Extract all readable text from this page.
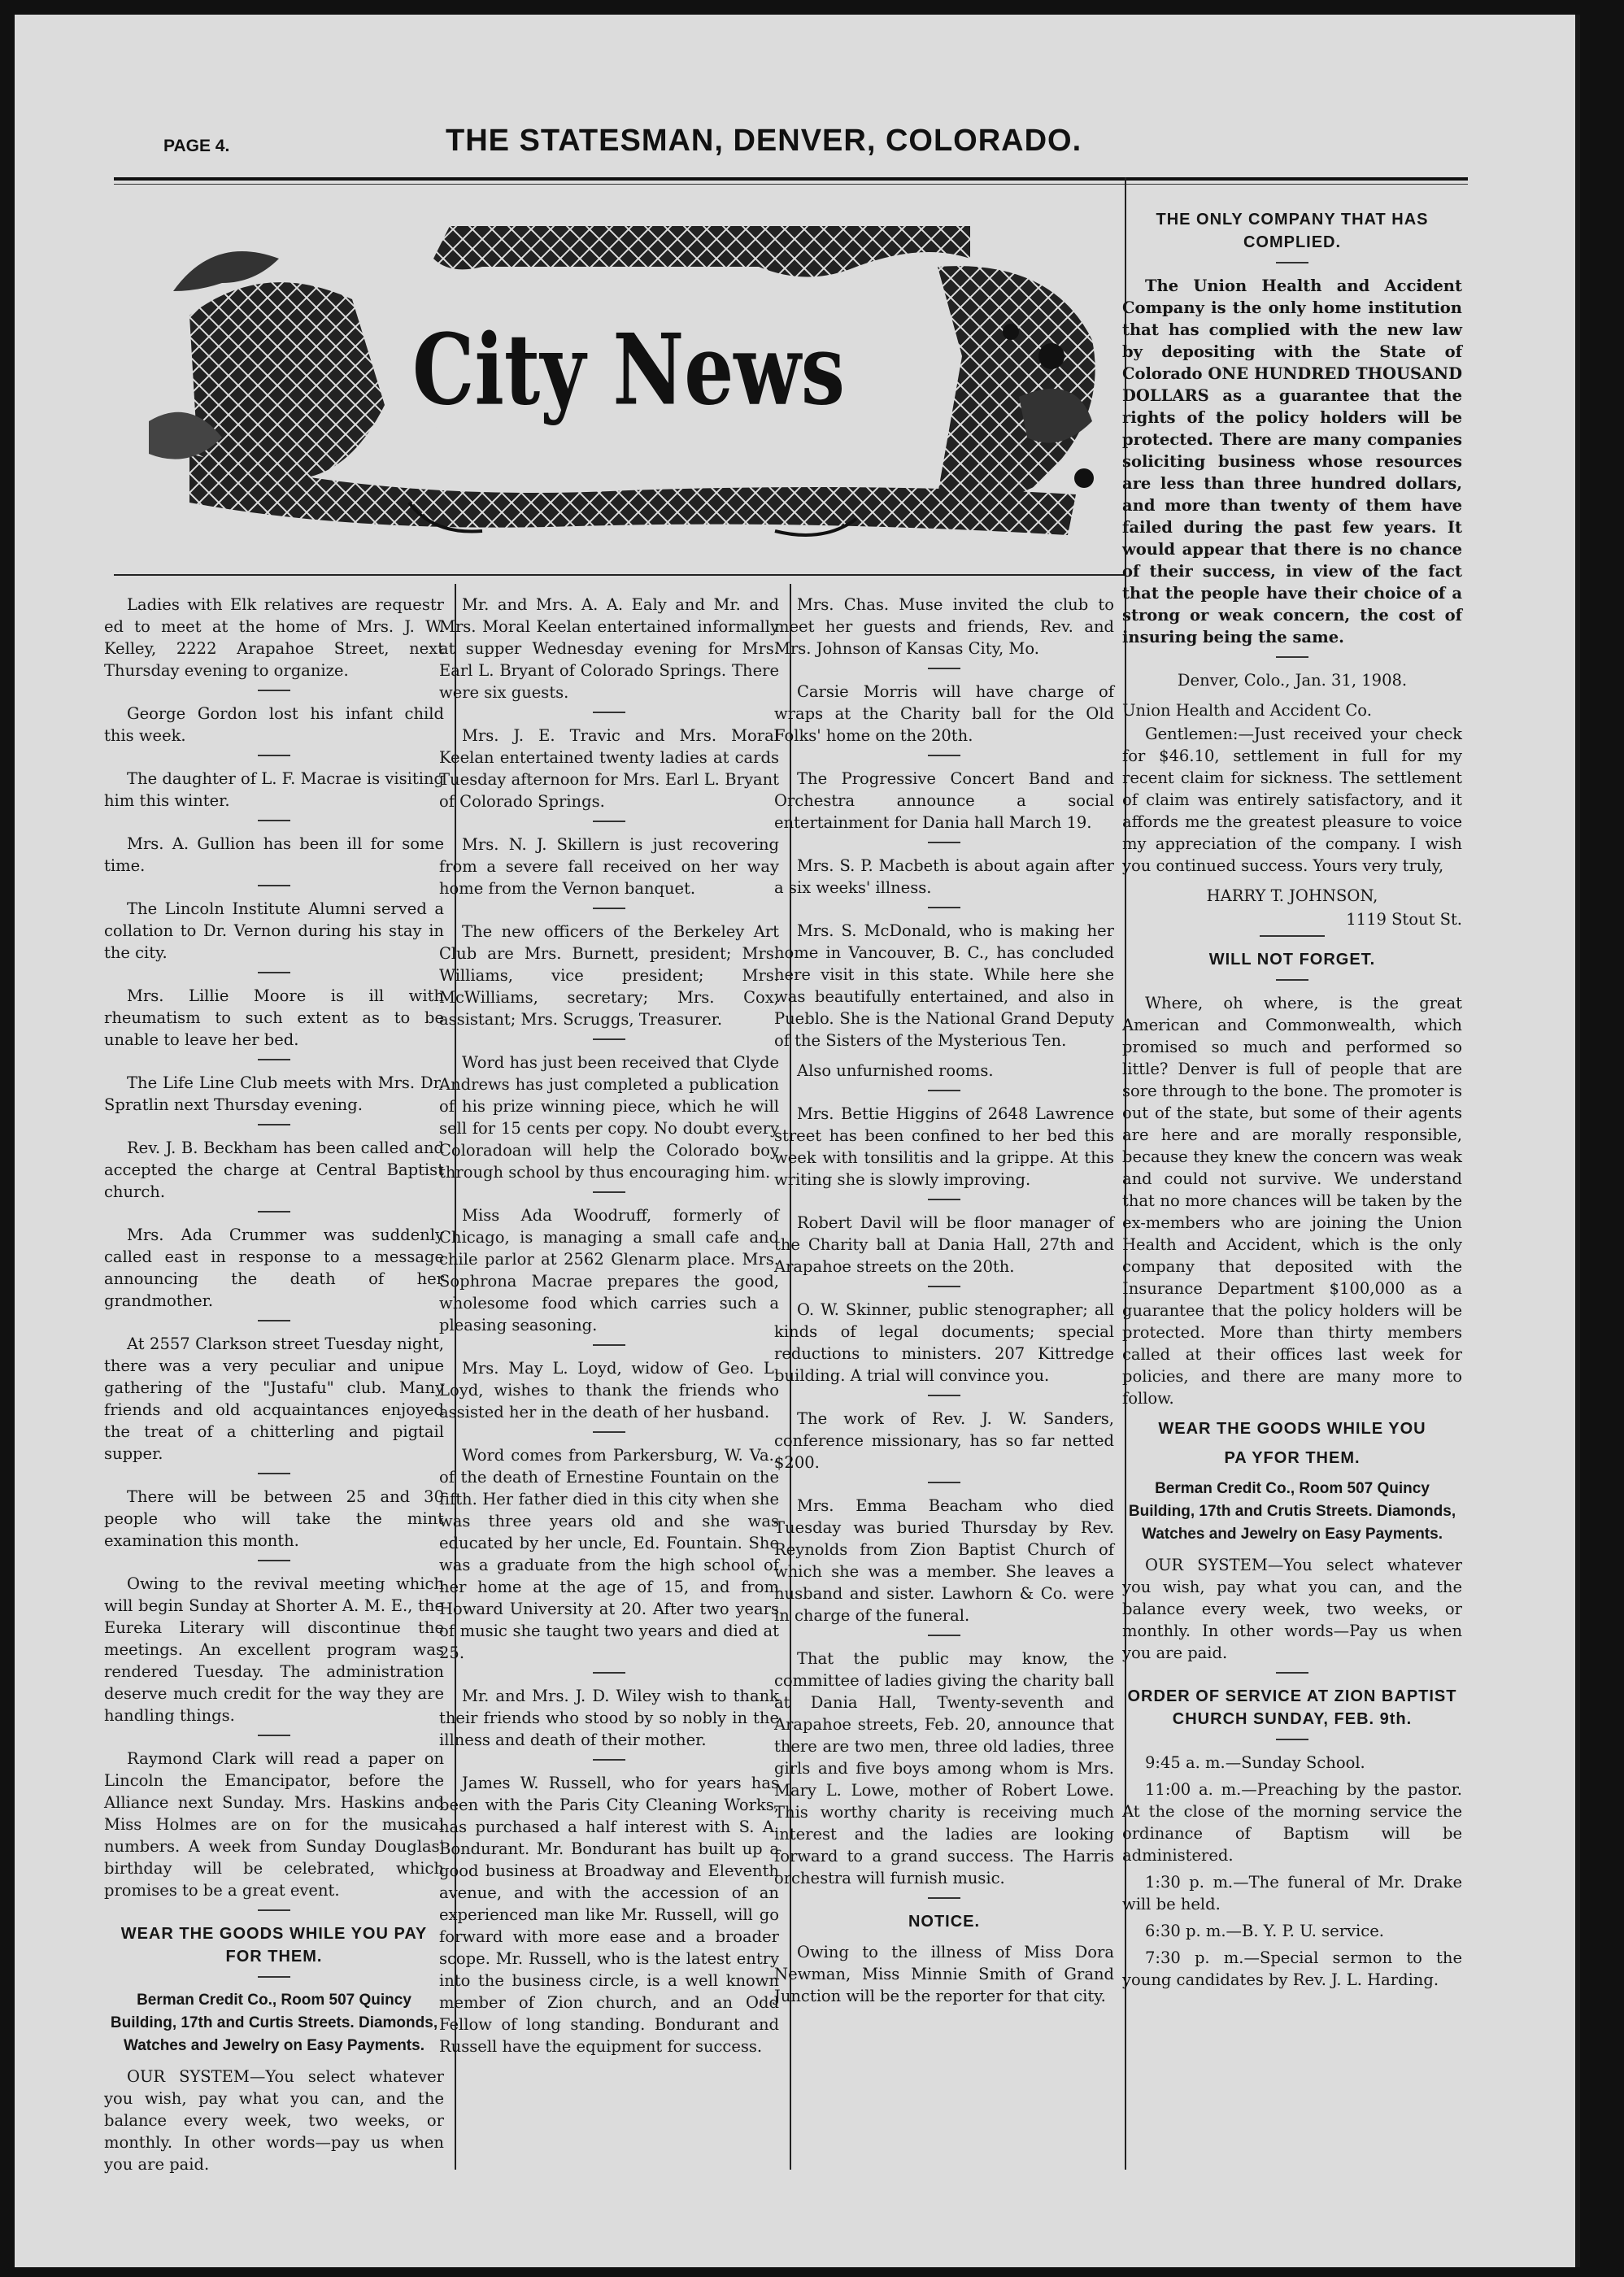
PAGE 4.	THE STATESMAN, DENVER, COLORADO.
City News

Ladies with Elk relatives are requestr ed to meet at the home of Mrs. J. W. Kelley, 2222 Arapahoe Street, next Thursday evening to organize.

George Gordon lost his infant child this week.

The daughter of L. F. Macrae is visiting him this winter.

Mrs. A. Gullion has been ill for some time.

The Lincoln Institute Alumni served a collation to Dr. Vernon during his stay in the city.

Mrs. Lillie Moore is ill with rheumatism to such extent as to be unable to leave her bed.

The Life Line Club meets with Mrs. Dr. Spratlin next Thursday evening.

Rev. J. B. Beckham has been called and accepted the charge at Central Baptist church.

Mrs. Ada Crummer was suddenly called east in response to a message announcing the death of her grandmother.

At 2557 Clarkson street Tuesday night, there was a very peculiar and unipue gathering of the "Justafu" club. Many friends and old acquaintances enjoyed the treat of a chitterling and pigtail supper.

There will be between 25 and 30 people who will take the mint examination this month.

Owing to the revival meeting which will begin Sunday at Shorter A. M. E., the Eureka Literary will discontinue the meetings. An excellent program was rendered Tuesday. The administration deserve much credit for the way they are handling things.

Raymond Clark will read a paper on Lincoln the Emancipator, before the Alliance next Sunday. Mrs. Haskins and Miss Holmes are on for the musical numbers. A week from Sunday Douglas' birthday will be celebrated, which promises to be a great event.

WEAR THE GOODS WHILE YOU PAY FOR THEM.
Berman Credit Co., Room 507 Quincy Building, 17th and Curtis Streets. Diamonds, Watches and Jewelry on Easy Payments.

OUR SYSTEM—You select whatever you wish, pay what you can, and the balance every week, two weeks, or monthly. In other words—pay us when you are paid.

Mr. and Mrs. A. A. Ealy and Mr. and Mrs. Moral Keelan entertained informally at supper Wednesday evening for Mrs. Earl L. Bryant of Colorado Springs. There were six guests.

Mrs. J. E. Travic and Mrs. Moral Keelan entertained twenty ladies at cards Tuesday afternoon for Mrs. Earl L. Bryant of Colorado Springs.

Mrs. N. J. Skillern is just recovering from a severe fall received on her way home from the Vernon banquet.

The new officers of the Berkeley Art Club are Mrs. Burnett, president; Mrs. Williams, vice president; Mrs. McWilliams, secretary; Mrs. Cox, assistant; Mrs. Scruggs, Treasurer.

Word has just been received that Clyde Andrews has just completed a publication of his prize winning piece, which he will sell for 15 cents per copy. No doubt every Coloradoan will help the Colorado boy through school by thus encouraging him.

Miss Ada Woodruff, formerly of Chicago, is managing a small cafe and chile parlor at 2562 Glenarm place. Mrs. Sophrona Macrae prepares the good, wholesome food which carries such a pleasing seasoning.

Mrs. May L. Loyd, widow of Geo. L. Loyd, wishes to thank the friends who assisted her in the death of her husband.

Word comes from Parkersburg, W. Va., of the death of Ernestine Fountain on the fifth. Her father died in this city when she was three years old and she was educated by her uncle, Ed. Fountain. She was a graduate from the high school of her home at the age of 15, and from Howard University at 20. After two years of music she taught two years and died at 25.

Mr. and Mrs. J. D. Wiley wish to thank their friends who stood by so nobly in the illness and death of their mother.

James W. Russell, who for years has been with the Paris City Cleaning Works, has purchased a half interest with S. A. Bondurant. Mr. Bondurant has built up a good business at Broadway and Eleventh avenue, and with the accession of an experienced man like Mr. Russell, will go forward with more ease and a broader scope. Mr. Russell, who is the latest entry into the business circle, is a well known member of Zion church, and an Odd Fellow of long standing. Bondurant and Russell have the equipment for success.

Mrs. Chas. Muse invited the club to meet her guests and friends, Rev. and Mrs. Johnson of Kansas City, Mo.

Carsie Morris will have charge of wraps at the Charity ball for the Old Folks' home on the 20th.

The Progressive Concert Band and Orchestra announce a social entertainment for Dania hall March 19.

Mrs. S. P. Macbeth is about again after a six weeks' illness.

Mrs. S. McDonald, who is making her home in Vancouver, B. C., has concluded here visit in this state. While here she was beautifully entertained, and also in Pueblo. She is the National Grand Deputy of the Sisters of the Mysterious Ten.

Also unfurnished rooms.

Mrs. Bettie Higgins of 2648 Lawrence street has been confined to her bed this week with tonsilitis and la grippe. At this writing she is slowly improving.

Robert Davil will be floor manager of the Charity ball at Dania Hall, 27th and Arapahoe streets on the 20th.

O. W. Skinner, public stenographer; all kinds of legal documents; special reductions to ministers. 207 Kittredge building. A trial will convince you.

The work of Rev. J. W. Sanders, conference missionary, has so far netted $200.

Mrs. Emma Beacham who died Tuesday was buried Thursday by Rev. Reynolds from Zion Baptist Church of which she was a member. She leaves a husband and sister. Lawhorn & Co. were in charge of the funeral.

That the public may know, the committee of ladies giving the charity ball at Dania Hall, Twenty-seventh and Arapahoe streets, Feb. 20, announce that there are two men, three old ladies, three girls and five boys among whom is Mrs. Mary L. Lowe, mother of Robert Lowe. This worthy charity is receiving much interest and the ladies are looking forward to a grand success. The Harris orchestra will furnish music.

NOTICE.

Owing to the illness of Miss Dora Newman, Miss Minnie Smith of Grand Junction will be the reporter for that city.

THE ONLY COMPANY THAT HAS COMPLIED.

The Union Health and Accident Company is the only home institution that has complied with the new law by depositing with the State of Colorado ONE HUNDRED THOUSAND DOLLARS as a guarantee that the rights of the policy holders will be protected. There are many companies soliciting business whose resources are less than three hundred dollars, and more than twenty of them have failed during the past few years. It would appear that there is no chance of their success, in view of the fact that the people have their choice of a strong or weak concern, the cost of insuring being the same.

Denver, Colo., Jan. 31, 1908.

Union Health and Accident Co.

Gentlemen:—Just received your check for $46.10, settlement in full for my recent claim for sickness. The settlement of claim was entirely satisfactory, and it affords me the greatest pleasure to voice my appreciation of the company. I wish you continued success. Yours very truly,

HARRY T. JOHNSON,

1119 Stout St.

WILL NOT FORGET.

Where, oh where, is the great American and Commonwealth, which promised so much and performed so little? Denver is full of people that are sore through to the bone. The promoter is out of the state, but some of their agents are here and are morally responsible, because they knew the concern was weak and could not survive. We understand that no more chances will be taken by the ex-members who are joining the Union Health and Accident, which is the only company that deposited with the Insurance Department $100,000 as a guarantee that the policy holders will be protected. More than thirty members called at their offices last week for policies, and there are many more to follow.

WEAR THE GOODS WHILE YOU
PA YFOR THEM.
Berman Credit Co., Room 507 Quincy Building, 17th and Crutis Streets. Diamonds, Watches and Jewelry on Easy Payments.

OUR SYSTEM—You select whatever you wish, pay what you can, and the balance every week, two weeks, or monthly. In other words—Pay us when you are paid.

ORDER OF SERVICE AT ZION BAPTIST CHURCH SUNDAY, FEB. 9th.

9:45 a. m.—Sunday School.

11:00 a. m.—Preaching by the pastor. At the close of the morning service the ordinance of Baptism will be administered.

1:30 p. m.—The funeral of Mr. Drake will be held.

6:30 p. m.—B. Y. P. U. service.

7:30 p. m.—Special sermon to the young candidates by Rev. J. L. Harding.
